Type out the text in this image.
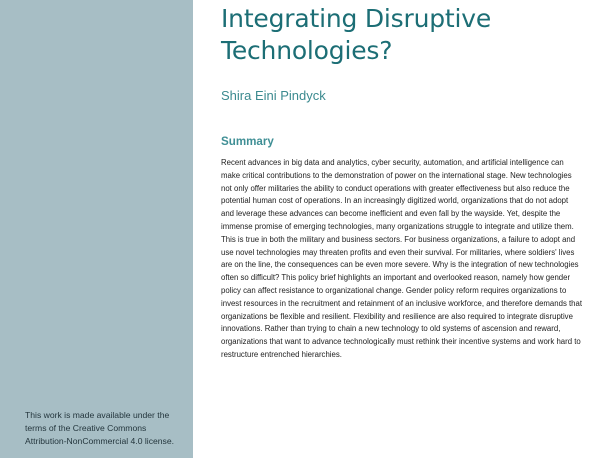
This work is made available under the terms of the Creative Commons Attribution-NonCommercial 4.0 license.

Integrating Disruptive Technologies?

Shira Eini Pindyck

Summary

Recent advances in big data and analytics, cyber security, automation, and artificial intelligence can make critical contributions to the demonstration of power on the international stage. New technologies not only offer militaries the ability to conduct operations with greater effectiveness but also reduce the potential human cost of operations. In an increasingly digitized world, organizations that do not adopt and leverage these advances can become inefficient and even fall by the wayside. Yet, despite the immense promise of emerging technologies, many organizations struggle to integrate and utilize them. This is true in both the military and business sectors. For business organizations, a failure to adopt and use novel technologies may threaten profits and even their survival. For militaries, where soldiers' lives are on the line, the consequences can be even more severe. Why is the integration of new technologies often so difficult? This policy brief highlights an important and overlooked reason, namely how gender policy can affect resistance to organizational change. Gender policy reform requires organizations to invest resources in the recruitment and retainment of an inclusive workforce, and therefore demands that organizations be flexible and resilient. Flexibility and resilience are also required to integrate disruptive innovations. Rather than trying to chain a new technology to old systems of ascension and reward, organizations that want to advance technologically must rethink their incentive systems and work hard to restructure entrenched hierarchies.
